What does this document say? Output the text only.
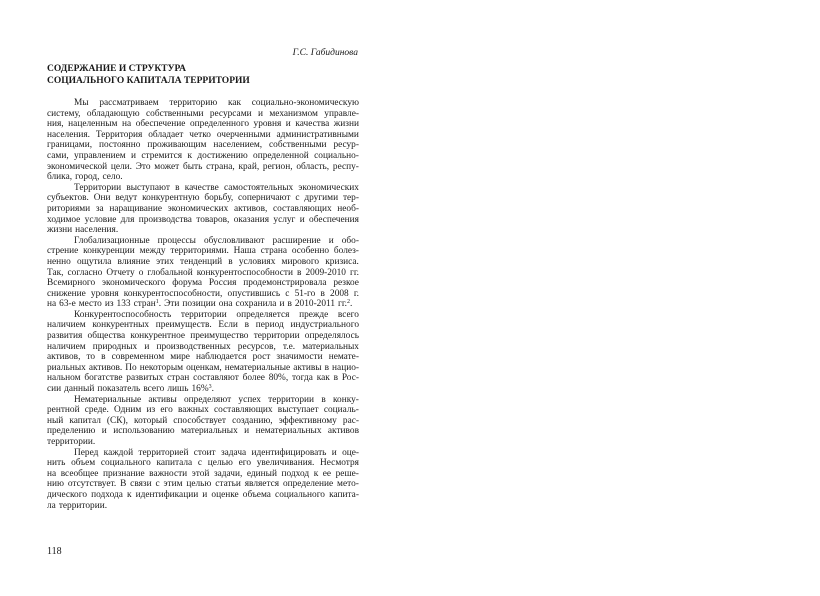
Г.С. Габидинова
СОДЕРЖАНИЕ И СТРУКТУРА
СОЦИАЛЬНОГО КАПИТАЛА ТЕРРИТОРИИ
Мы рассматриваем территорию как социально-экономическую
систему, обладающую собственными ресурсами и механизмом управле-
ния, нацеленным на обеспечение определенного уровня и качества жизни
населения. Территория обладает четко очерченными административными
границами, постоянно проживающим населением, собственными ресур-
сами, управлением и стремится к достижению определенной социально-
экономической цели. Это может быть страна, край, регион, область, респу-
блика, город, село.
Территории выступают в качестве самостоятельных экономических
субъектов. Они ведут конкурентную борьбу, соперничают с другими тер-
риториями за наращивание экономических активов, составляющих необ-
ходимое условие для производства товаров, оказания услуг и обеспечения
жизни населения.
Глобализационные процессы обусловливают расширение и обо-
стрение конкуренции между территориями. Наша страна особенно болез-
ненно ощутила влияние этих тенденций в условиях мирового кризиса.
Так, согласно Отчету о глобальной конкурентоспособности в 2009-2010 гг.
Всемирного экономического форума Россия продемонстрировала резкое
снижение уровня конкурентоспособности, опустившись с 51-го в 2008 г.
на 63-е место из 133 стран$^1$. Эти позиции она сохранила и в 2010-2011 гг.$^2$.
Конкурентоспособность территории определяется прежде всего
наличием конкурентных преимуществ. Если в период индустриального
развития общества конкурентное преимущество территории определялось
наличием природных и производственных ресурсов, т.е. материальных
активов, то в современном мире наблюдается рост значимости немате-
риальных активов. По некоторым оценкам, нематериальные активы в нацио-
нальном богатстве развитых стран составляют более 80%, тогда как в Рос-
сии данный показатель всего лишь 16%$^3$.
Нематериальные активы определяют успех территории в конку-
рентной среде. Одним из его важных составляющих выступает социаль-
ный капитал (СК), который способствует созданию, эффективному рас-
пределению и использованию материальных и нематериальных активов
территории.
Перед каждой территорией стоит задача идентифицировать и оце-
нить объем социального капитала с целью его увеличивания. Несмотря
на всеобщее признание важности этой задачи, единый подход к ее реше-
нию отсутствует. В связи с этим целью статьи является определение мето-
дического подхода к идентификации и оценке объема социального капита-
ла территории.
118
